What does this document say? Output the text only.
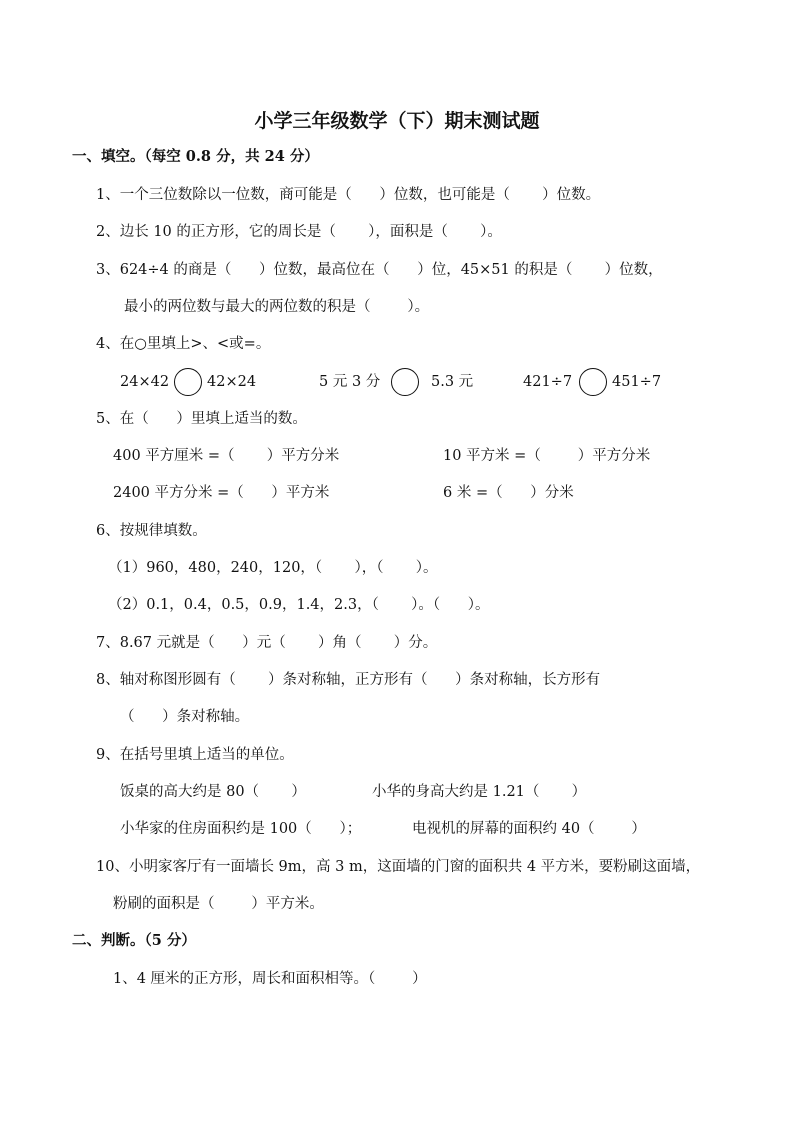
小学三年级数学（下）期末测试题
一、填空。（每空 0.8 分，共 24 分）
1、一个三位数除以一位数，商可能是（      ）位数，也可能是（       ）位数。
2、边长 10 的正方形，它的周长是（       ），面积是（       ）。
3、624÷4 的商是（      ）位数，最高位在（      ）位，45×51 的积是（       ）位数，
最小的两位数与最大的两位数的积是（        ）。
4、在○里填上>、<或=。
24×42	42×24	5 元 3 分	5.3 元	421÷7	451÷7
5、在（      ）里填上适当的数。
400 平方厘米 =（       ）平方分米	10 平方米 =（        ）平方分米
2400 平方分米 =（      ）平方米	6 米 =（      ）分米
6、按规律填数。
（1）960，480，240，120，（       ），（       ）。
（2）0.1，0.4，0.5，0.9，1.4，2.3，（       ）。（      ）。
7、8.67 元就是（      ）元（       ）角（       ）分。
8、轴对称图形圆有（       ）条对称轴，正方形有（      ）条对称轴，长方形有
（      ）条对称轴。
9、在括号里填上适当的单位。
饭桌的高大约是 80（       ）	小华的身高大约是 1.21（       ）
小华家的住房面积约是 100（      ）；	电视机的屏幕的面积约 40（        ）
10、小明家客厅有一面墙长 9m，高 3 m，这面墙的门窗的面积共 4 平方米，要粉刷这面墙，
粉刷的面积是（        ）平方米。
二、判断。（5 分）
1、4 厘米的正方形，周长和面积相等。（        ）
